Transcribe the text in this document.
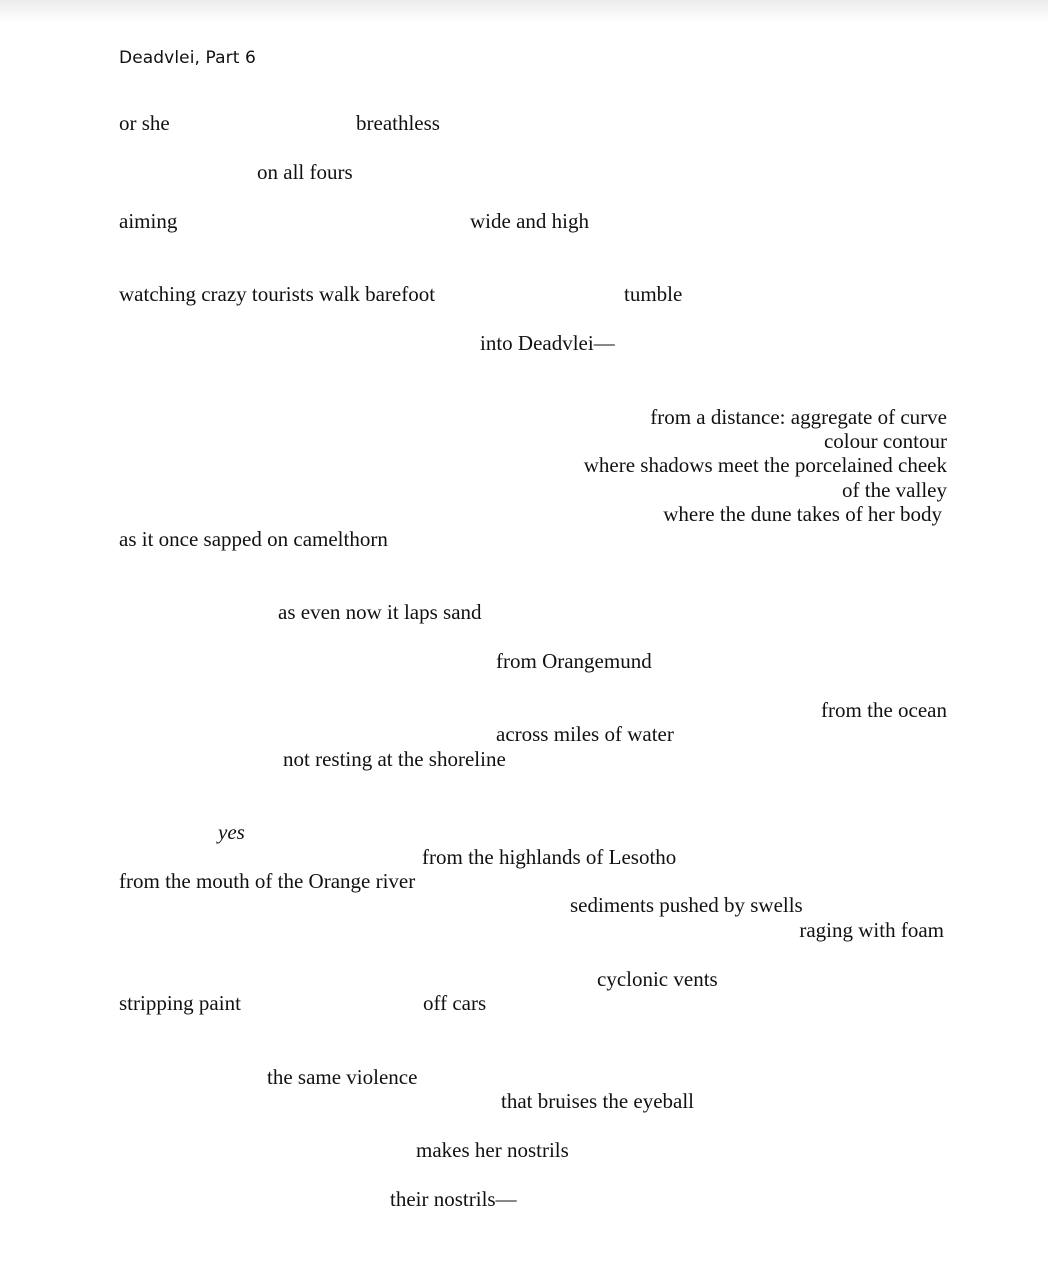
Deadvlei, Part 6
or she	breathless
on all fours
aiming	wide and high
watching crazy tourists walk barefoot	tumble
into Deadvlei—
from a distance: aggregate of curve
colour contour
where shadows meet the porcelained cheek
of the valley
where the dune takes of her body
as it once sapped on camelthorn
as even now it laps sand
from Orangemund
from the ocean
across miles of water
not resting at the shoreline
yes
from the highlands of Lesotho
from the mouth of the Orange river
sediments pushed by swells
raging with foam
cyclonic vents
stripping paint	off cars
the same violence
that bruises the eyeball
makes her nostrils
their nostrils—
